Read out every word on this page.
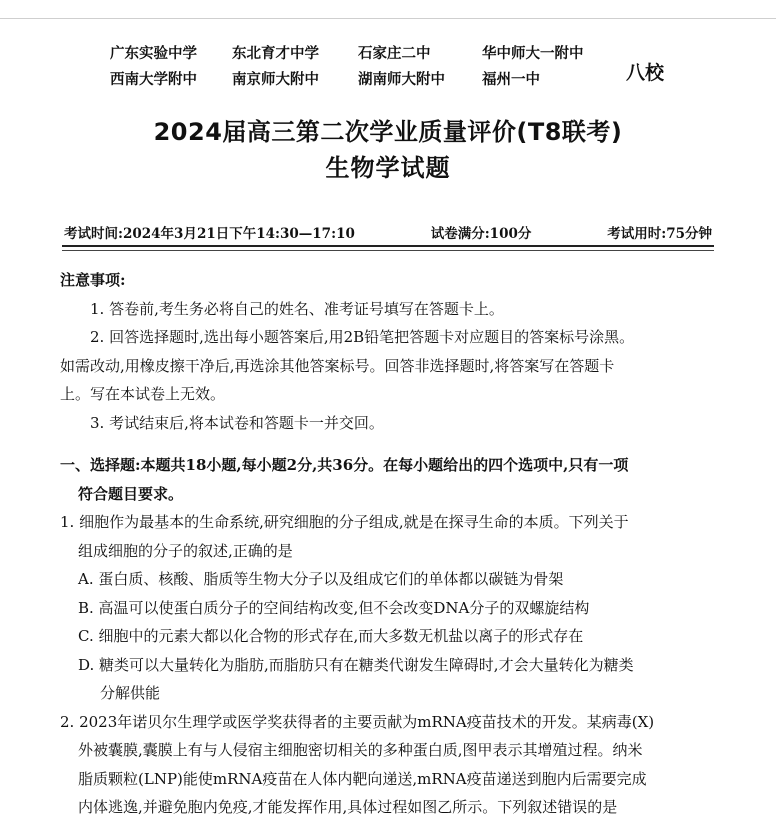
广东实验中学 东北育才中学	石家庄二中	华中师大一附中
西南大学附中 南京师大附中	湖南师大附中	福州一中	八校
2024届高三第二次学业质量评价(T8联考)
生物学试题
考试时间:2024年3月21日下午14:30—17:10	试卷满分:100分	考试用时:75分钟

注意事项:

1. 答卷前,考生务必将自己的姓名、准考证号填写在答题卡上。

2. 回答选择题时,选出每小题答案后,用2B铅笔把答题卡对应题目的答案标号涂黑。

如需改动,用橡皮擦干净后,再选涂其他答案标号。回答非选择题时,将答案写在答题卡

上。写在本试卷上无效。

3. 考试结束后,将本试卷和答题卡一并交回。

一、选择题:本题共18小题,每小题2分,共36分。在每小题给出的四个选项中,只有一项

符合题目要求。

1. 细胞作为最基本的生命系统,研究细胞的分子组成,就是在探寻生命的本质。下列关于

组成细胞的分子的叙述,正确的是

A. 蛋白质、核酸、脂质等生物大分子以及组成它们的单体都以碳链为骨架

B. 高温可以使蛋白质分子的空间结构改变,但不会改变DNA分子的双螺旋结构

C. 细胞中的元素大都以化合物的形式存在,而大多数无机盐以离子的形式存在

D. 糖类可以大量转化为脂肪,而脂肪只有在糖类代谢发生障碍时,才会大量转化为糖类

分解供能

2. 2023年诺贝尔生理学或医学奖获得者的主要贡献为mRNA疫苗技术的开发。某病毒(X)

外被囊膜,囊膜上有与人侵宿主细胞密切相关的多种蛋白质,图甲表示其增殖过程。纳米

脂质颗粒(LNP)能使mRNA疫苗在人体内靶向递送,mRNA疫苗递送到胞内后需要完成

内体逃逸,并避免胞内免疫,才能发挥作用,具体过程如图乙所示。下列叙述错误的是
